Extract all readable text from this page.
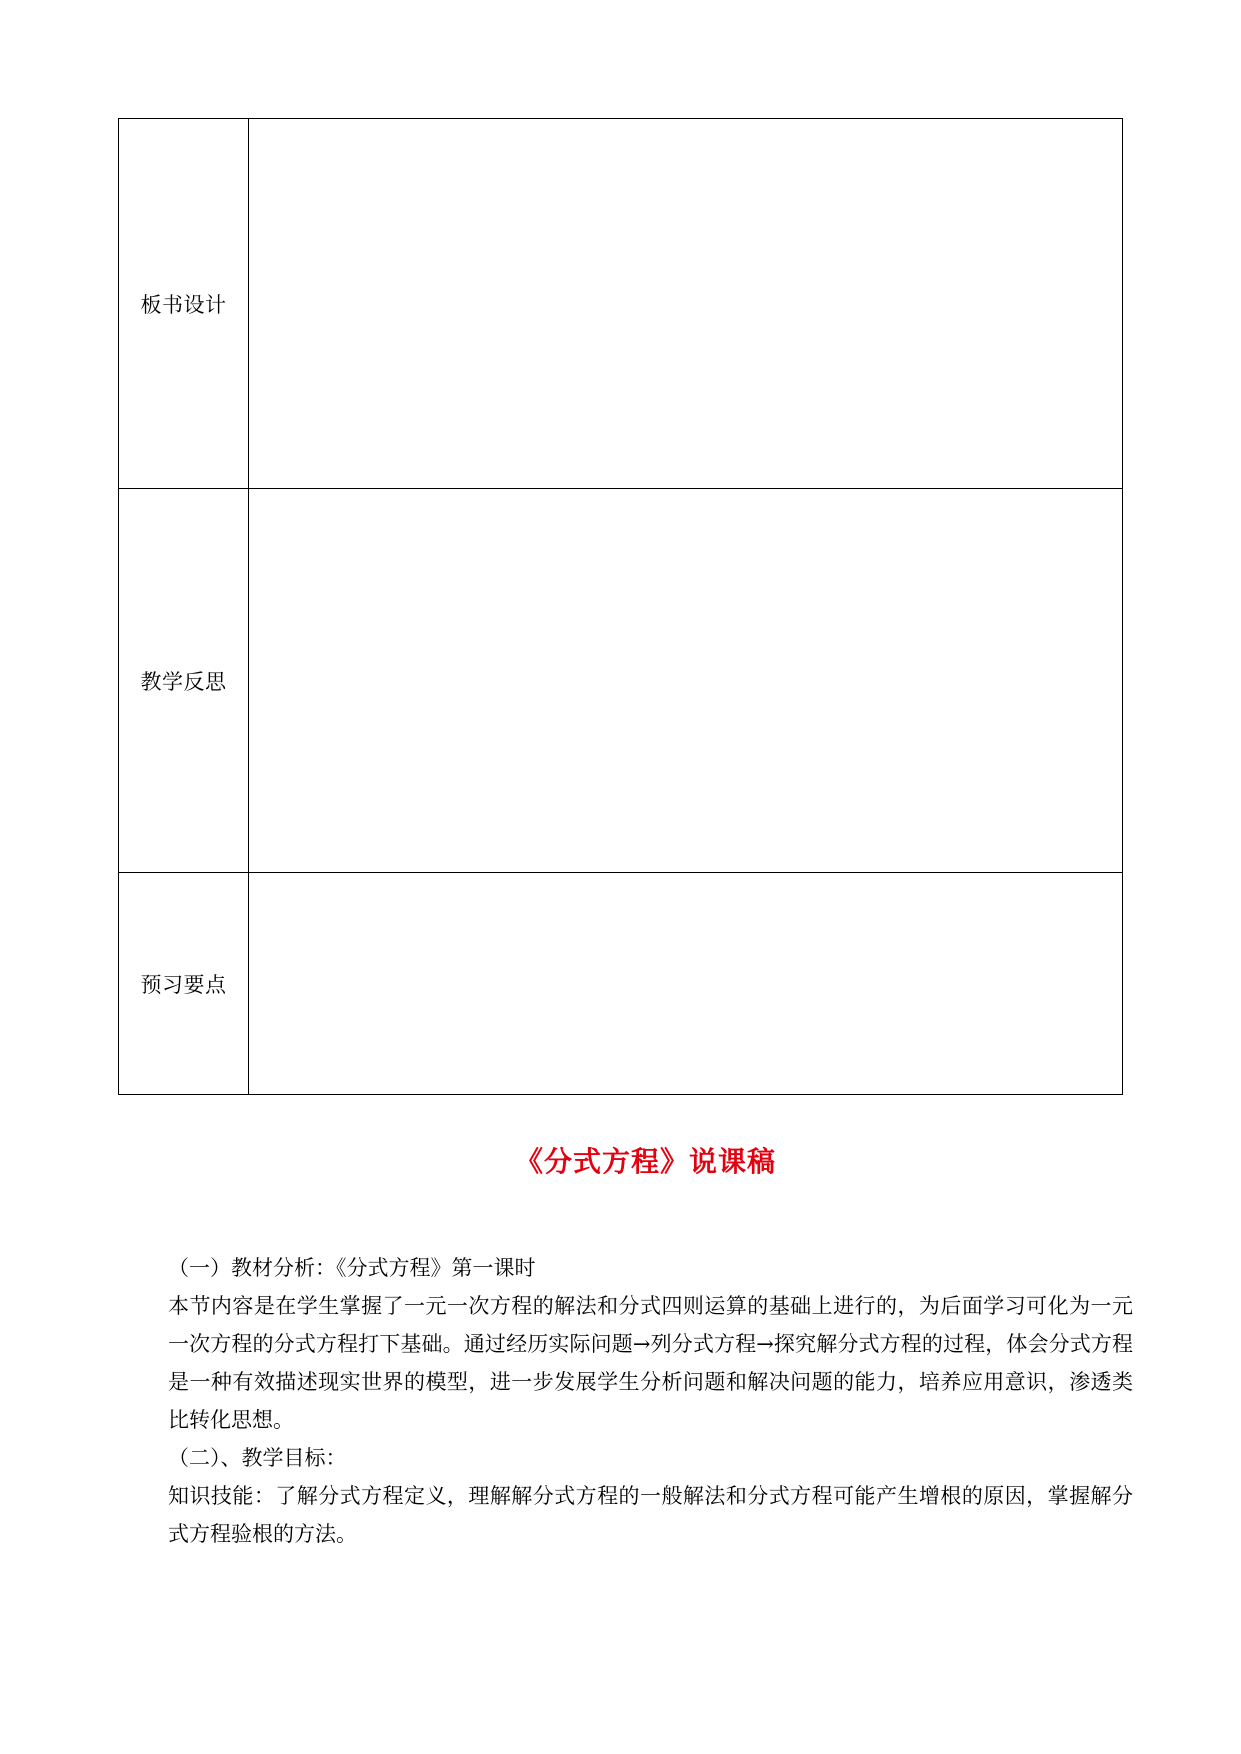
板书设计	
教学反思	
预习要点	
《分式方程》说课稿

（一）教材分析：《分式方程》第一课时

本节内容是在学生掌握了一元一次方程的解法和分式四则运算的基础上进行的，为后面学习可化为一元一次方程的分式方程打下基础。通过经历实际问题→列分式方程→探究解分式方程的过程，体会分式方程是一种有效描述现实世界的模型，进一步发展学生分析问题和解决问题的能力，培养应用意识，渗透类比转化思想。

（二）、教学目标：

知识技能：了解分式方程定义，理解解分式方程的一般解法和分式方程可能产生增根的原因，掌握解分式方程验根的方法。
